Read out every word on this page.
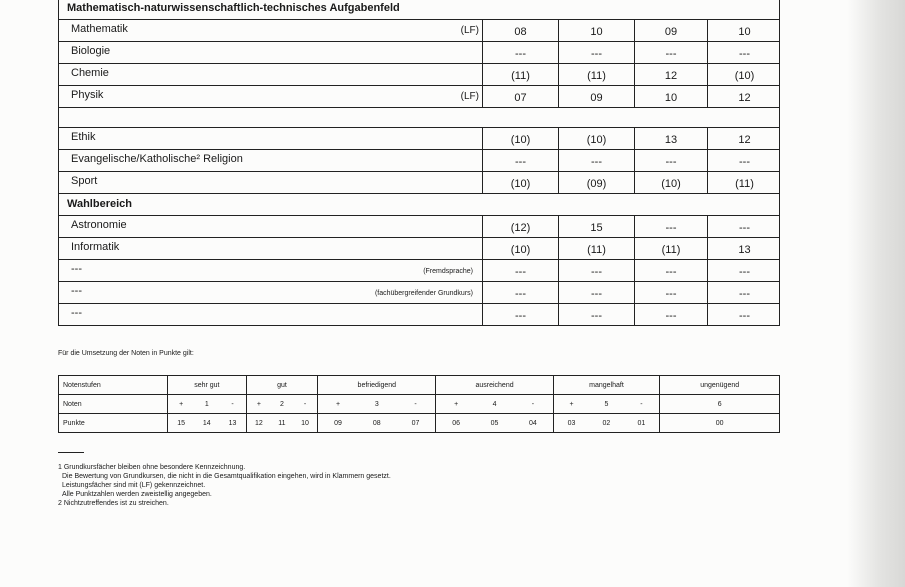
Mathematisch-naturwissenschaftlich-technisches Aufgabenfeld
Mathematik	(LF)	08	10	09	10
Biologie	---	---	---	---
Chemie	(11)	(11)	12	(10)
Physik	(LF)	07	09	10	12
Ethik	(10)	(10)	13	12
Evangelische/Katholische² Religion	---	---	---	---
Sport	(10)	(09)	(10)	(11)
Wahlbereich
Astronomie	(12)	15	---	---
Informatik	(10)	(11)	(11)	13
---	(Fremdsprache)	---	---	---	---
---	(fachübergreifender Grundkurs)	---	---	---	---
---	---	---	---	---
Für die Umsetzung der Noten in Punkte gilt:
Notenstufen	sehr gut			gut			befriedigend			ausreichend			mangelhaft			ungenügend
Noten	+	1	-	+	2	-	+	3	-	+	4	-	+	5	-	6
Punkte	15	14	13	12	11	10	09	08	07	06	05	04	03	02	01	00
1 Grundkursfächer bleiben ohne besondere Kennzeichnung.
Die Bewertung von Grundkursen, die nicht in die Gesamtqualifikation eingehen, wird in Klammern gesetzt.
Leistungsfächer sind mit (LF) gekennzeichnet.
Alle Punktzahlen werden zweistellig angegeben.
2 Nichtzutreffendes ist zu streichen.
